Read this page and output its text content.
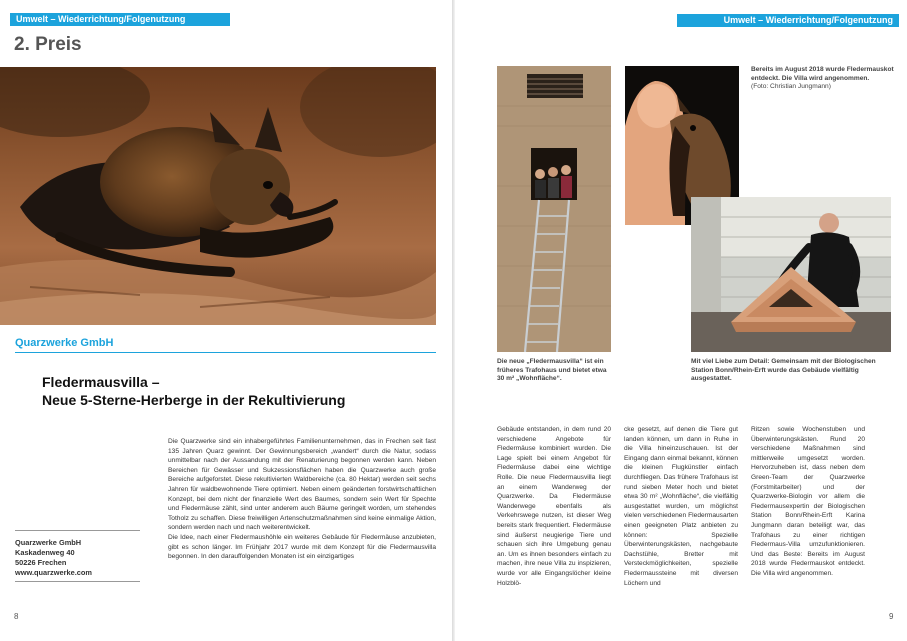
Umwelt – Wiederrichtung/Folgenutzung
2. Preis
Quarzwerke GmbH
Fledermausvilla –
Neue 5-Sterne-Herberge in der Rekultivierung
Quarzwerke GmbH
Kaskadenweg 40
50226 Frechen
www.quarzwerke.com

Die Quarzwerke sind ein inhabergeführtes Familienunternehmen, das in Frechen seit fast 135 Jahren Quarz gewinnt. Der Gewinnungsbereich „wandert“ durch die Natur, sodass unmittelbar nach der Aussandung mit der Renaturierung begonnen werden kann. Neben Bereichen für Gewässer und Sukzessionsflächen haben die Quarzwerke auch große Bereiche aufgeforstet. Diese rekultivierten Waldbereiche (ca. 80 Hektar) werden seit sechs Jahren für waldbewohnende Tiere optimiert. Neben einem geänderten forstwirtschaftlichen Konzept, bei dem nicht der finanzielle Wert des Baumes, sondern sein Wert für Spechte und Fledermäuse zählt, sind unter anderem auch Bäume geringelt worden, um stehendes Totholz zu schaffen. Diese freiwilligen Artenschutzmaßnahmen sind keine einmalige Aktion, sondern werden nach und nach weiterentwickelt.

Die Idee, nach einer Fledermaushöhle ein weiteres Gebäude für Fledermäuse anzubieten, gibt es schon länger. Im Frühjahr 2017 wurde mit dem Konzept für die Fledermausvilla begonnen. In den darauffolgenden Monaten ist ein einzigartiges

8
Umwelt – Wiederrichtung/Folgenutzung
Bereits im August 2018 wurde Fledermauskot entdeckt. Die Villa wird angenommen.
(Foto: Christian Jungmann)
Die neue „Fledermausvilla“ ist ein früheres Trafohaus und bietet etwa 30 m² „Wohnfläche“.
Mit viel Liebe zum Detail: Gemeinsam mit der Biologischen Station Bonn/Rhein-Erft wurde das Gebäude vielfältig ausgestattet.

Gebäude entstanden, in dem rund 20 verschiedene Angebote für Fledermäuse kombiniert wurden. Die Lage spielt bei einem Angebot für Fledermäuse dabei eine wichtige Rolle. Die neue Fledermausvilla liegt an einem Wanderweg der Quarzwerke. Da Fledermäuse Wanderwege ebenfalls als Verkehrswege nutzen, ist dieser Weg bereits stark frequentiert. Fledermäuse sind äußerst neugierige Tiere und schauen sich ihre Umgebung genau an. Um es ihnen besonders einfach zu machen, ihre neue Villa zu inspizieren, wurde vor alle Eingangslöcher kleine Holzblö-

cke gesetzt, auf denen die Tiere gut landen können, um dann in Ruhe in die Villa hineinzuschauen. Ist der Eingang dann einmal bekannt, können die kleinen Flugkünstler einfach durchfliegen. Das frühere Trafohaus ist rund sieben Meter hoch und bietet etwa 30 m² „Wohnfläche“, die vielfältig ausgestattet wurden, um möglichst vielen verschiedenen Fledermausarten einen geeigneten Platz anbieten zu können: Spezielle Überwinterungskästen, nachgebaute Dachstühle, Bretter mit Versteckmöglichkeiten, spezielle Fledermaussteine mit diversen Löchern und

Ritzen sowie Wochenstuben und Überwinterungskästen. Rund 20 verschiedene Maßnahmen sind mittlerweile umgesetzt worden. Hervorzuheben ist, dass neben dem Green-Team der Quarzwerke (Forstmitarbeiter) und der Quarzwerke-Biologin vor allem die Fledermausexpertin der Biologischen Station Bonn/Rhein-Erft Karina Jungmann daran beteiligt war, das Trafohaus zu einer richtigen Fledermaus-Villa umzufunktionieren. Und das Beste: Bereits im August 2018 wurde Fledermauskot entdeckt. Die Villa wird angenommen.

9
